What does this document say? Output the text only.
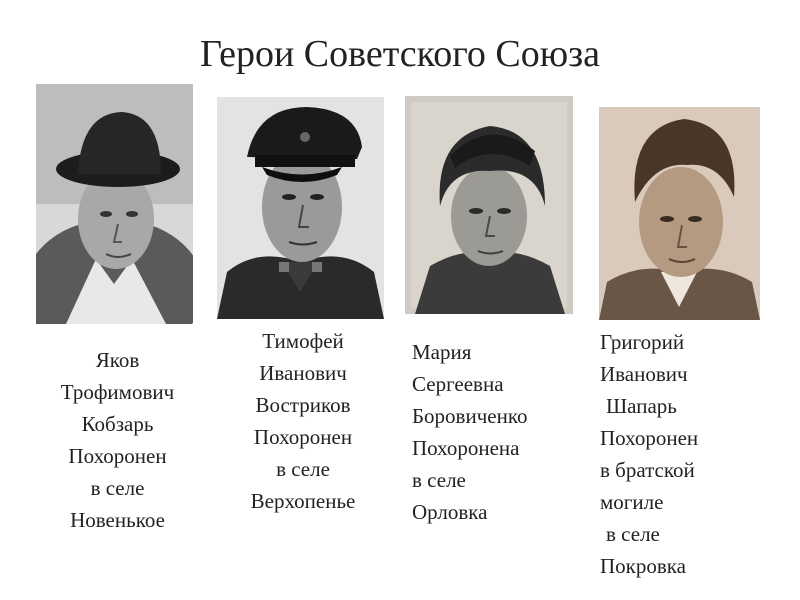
Герои Советского Союза
Яков
Трофимович
Кобзарь
Похоронен
в селе
Новенькое
Тимофей
Иванович
Востриков
Похоронен
в селе
Верхопенье
Мария
Сергеевна
Боровиченко
Похоронена
в селе
Орловка
Григорий
Иванович
Шапарь
Похоронен
в братской
могиле
в селе
Покровка
